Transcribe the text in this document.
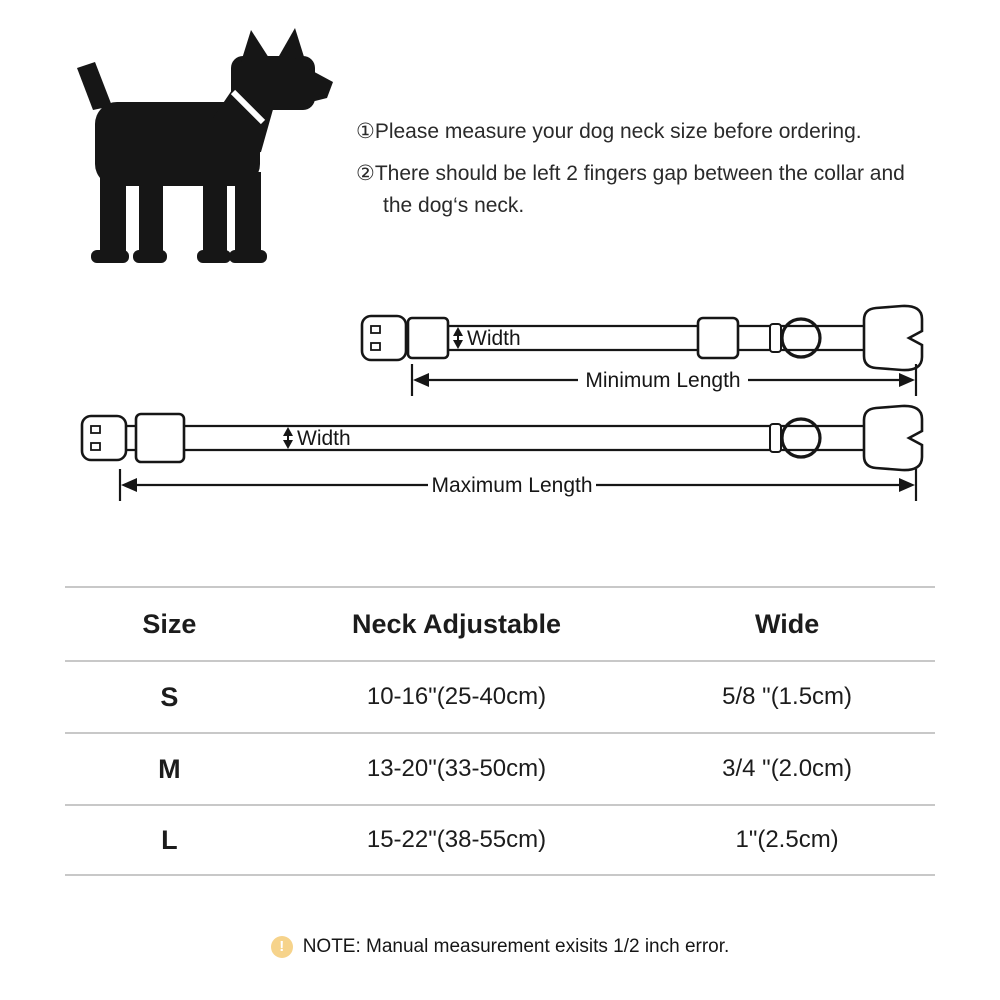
①Please measure your dog neck size before ordering.

②There should be left 2 fingers gap between the collar and the dog‘s neck.

Width
Minimum Length
Width
Maximum Length
Size	Neck Adjustable	Wide
S	10-16"(25-40cm)	5/8 "(1.5cm)
M	13-20"(33-50cm)	3/4 "(2.0cm)
L	15-22"(38-55cm)	1"(2.5cm)
! NOTE: Manual measurement exisits 1/2 inch error.
